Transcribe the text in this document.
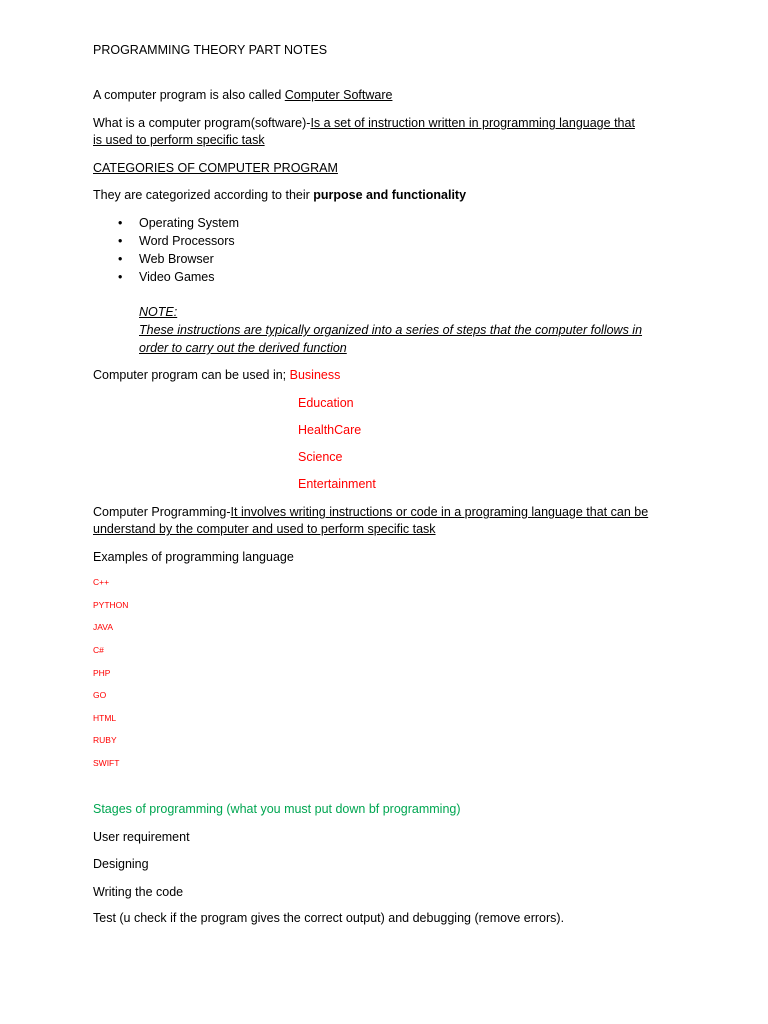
PROGRAMMING THEORY PART NOTES
A computer program is also called Computer Software
What is a computer program(software)-Is a set of instruction written in programming language that
is used to perform specific task
CATEGORIES OF COMPUTER PROGRAM
They are categorized according to their purpose and functionality
• Operating System
• Word Processors
• Web Browser
• Video Games
NOTE:
These instructions are typically organized into a series of steps that the computer follows in
order to carry out the derived function
Computer program can be used in; Business
Education
HealthCare
Science
Entertainment
Computer Programming-It involves writing instructions or code in a programing language that can be
understand by the computer and used to perform specific task
Examples of programming language
C++
PYTHON
JAVA
C#
PHP
GO
HTML
RUBY
SWIFT
Stages of programming (what you must put down bf programming)
User requirement
Designing
Writing the code
Test (u check if the program gives the correct output) and debugging (remove errors).
